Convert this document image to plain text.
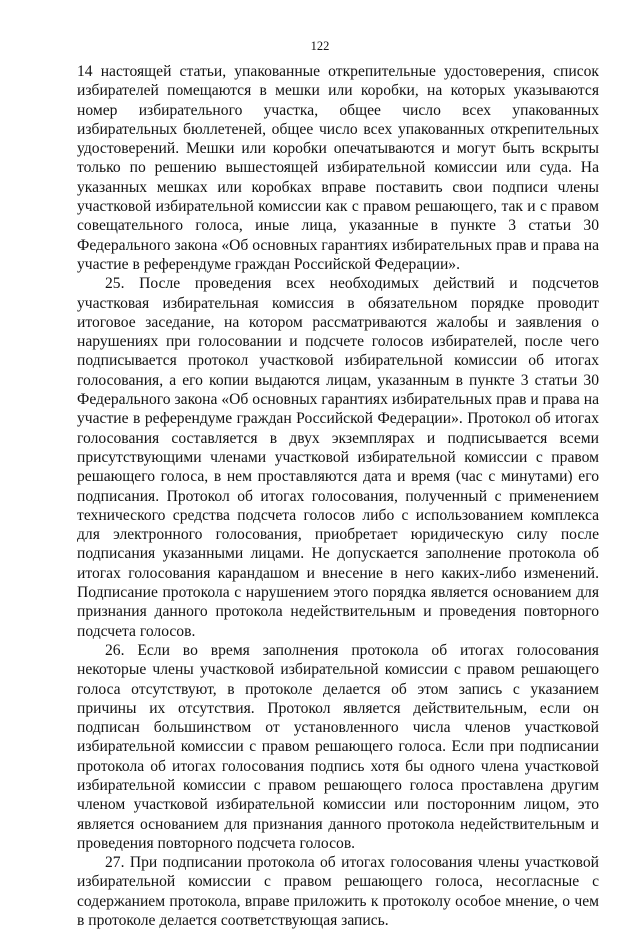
122

14 настоящей статьи, упакованные открепительные удостоверения, список избирателей помещаются в мешки или коробки, на которых указываются номер избирательного участка, общее число всех упакованных избирательных бюллетеней, общее число всех упакованных открепительных удостоверений. Мешки или коробки опечатываются и могут быть вскрыты только по решению вышестоящей избирательной комиссии или суда. На указанных мешках или коробках вправе поставить свои подписи члены участковой избирательной комиссии как с правом решающего, так и с правом совещательного голоса, иные лица, указанные в пункте 3 статьи 30 Федерального закона «Об основных гарантиях избирательных прав и права на участие в референдуме граждан Российской Федерации».

25. После проведения всех необходимых действий и подсчетов участковая избирательная комиссия в обязательном порядке проводит итоговое заседание, на котором рассматриваются жалобы и заявления о нарушениях при голосовании и подсчете голосов избирателей, после чего подписывается протокол участковой избирательной комиссии об итогах голосования, а его копии выдаются лицам, указанным в пункте 3 статьи 30 Федерального закона «Об основных гарантиях избирательных прав и права на участие в референдуме граждан Российской Федерации». Протокол об итогах голосования составляется в двух экземплярах и подписывается всеми присутствующими членами участковой избирательной комиссии с правом решающего голоса, в нем проставляются дата и время (час с минутами) его подписания. Протокол об итогах голосования, полученный с применением технического средства подсчета голосов либо с использованием комплекса для электронного голосования, приобретает юридическую силу после подписания указанными лицами. Не допускается заполнение протокола об итогах голосования карандашом и внесение в него каких-либо изменений. Подписание протокола с нарушением этого порядка является основанием для признания данного протокола недействительным и проведения повторного подсчета голосов.

26. Если во время заполнения протокола об итогах голосования некоторые члены участковой избирательной комиссии с правом решающего голоса отсутствуют, в протоколе делается об этом запись с указанием причины их отсутствия. Протокол является действительным, если он подписан большинством от установленного числа членов участковой избирательной комиссии с правом решающего голоса. Если при подписании протокола об итогах голосования подпись хотя бы одного члена участковой избирательной комиссии с правом решающего голоса проставлена другим членом участковой избирательной комиссии или посторонним лицом, это является основанием для признания данного протокола недействительным и проведения повторного подсчета голосов.

27. При подписании протокола об итогах голосования члены участковой избирательной комиссии с правом решающего голоса, несогласные с содержанием протокола, вправе приложить к протоколу особое мнение, о чем в протоколе делается соответствующая запись.
